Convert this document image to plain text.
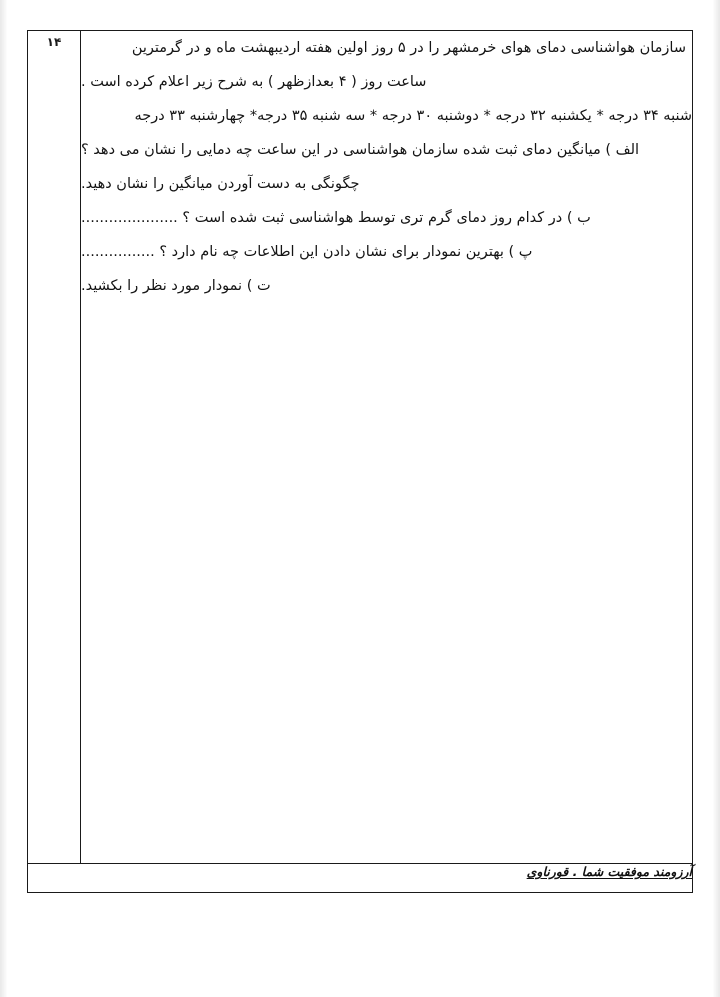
سازمان هواشناسی دمای هوای خرمشهر را در ۵ روز اولین هفته اردیبهشت ماه و در گرمترین
ساعت روز ( ۴ بعدازظهر ) به شرح زیر اعلام کرده است .
شنبه ۳۴ درجه * یکشنبه ۳۲ درجه * دوشنبه ۳۰ درجه * سه شنبه ۳۵ درجه* چهارشنبه ۳۳ درجه
الف ) میانگین دمای ثبت شده سازمان هواشناسی در این ساعت چه دمایی را نشان می دهد ؟
چگونگی به دست آوردن میانگین را نشان دهید.
ب ) در کدام روز دمای گرم تری توسط هواشناسی ثبت شده است ؟ .....................
پ ) بهترین نمودار برای نشان دادن این اطلاعات چه نام دارد ؟ ................
ت ) نمودار مورد نظر را بکشید.
	۱۴

آرزومند موفقیت شما . قورناوی
